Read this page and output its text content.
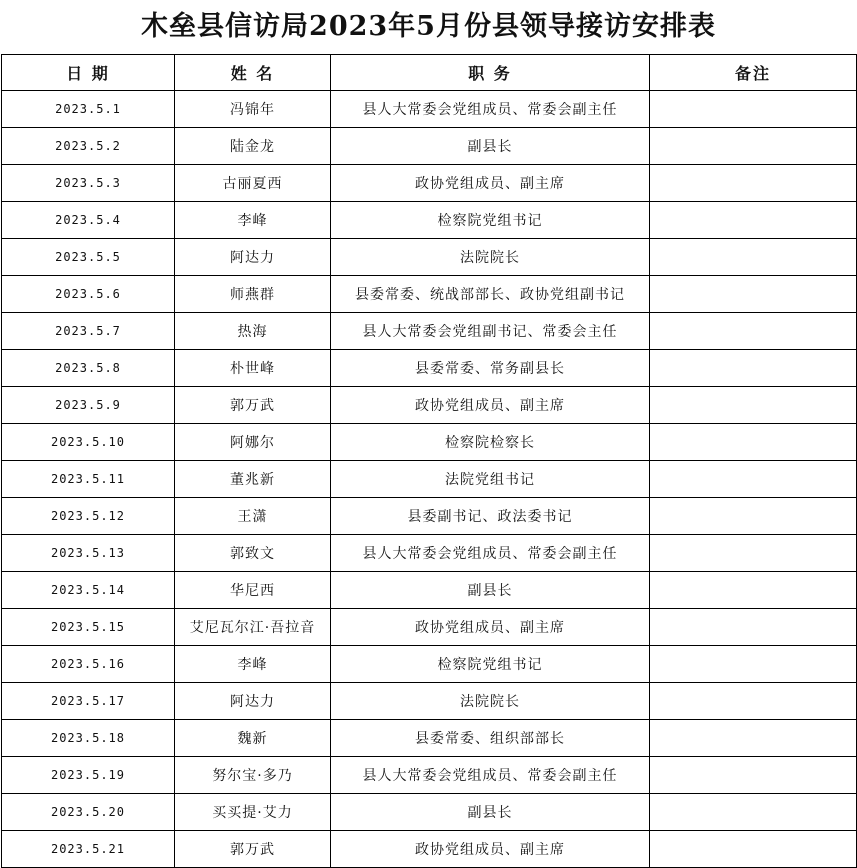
木垒县信访局2023年5月份县领导接访安排表
日 期	姓 名	职 务	备注
2023.5.1	冯锦年	县人大常委会党组成员、常委会副主任	
2023.5.2	陆金龙	副县长	
2023.5.3	古丽夏西	政协党组成员、副主席	
2023.5.4	李峰	检察院党组书记	
2023.5.5	阿达力	法院院长	
2023.5.6	师燕群	县委常委、统战部部长、政协党组副书记	
2023.5.7	热海	县人大常委会党组副书记、常委会主任	
2023.5.8	朴世峰	县委常委、常务副县长	
2023.5.9	郭万武	政协党组成员、副主席	
2023.5.10	阿娜尔	检察院检察长	
2023.5.11	董兆新	法院党组书记	
2023.5.12	王潇	县委副书记、政法委书记	
2023.5.13	郭致文	县人大常委会党组成员、常委会副主任	
2023.5.14	华尼西	副县长	
2023.5.15	艾尼瓦尔江·吾拉音	政协党组成员、副主席	
2023.5.16	李峰	检察院党组书记	
2023.5.17	阿达力	法院院长	
2023.5.18	魏新	县委常委、组织部部长	
2023.5.19	努尔宝·多乃	县人大常委会党组成员、常委会副主任	
2023.5.20	买买提·艾力	副县长	
2023.5.21	郭万武	政协党组成员、副主席	
